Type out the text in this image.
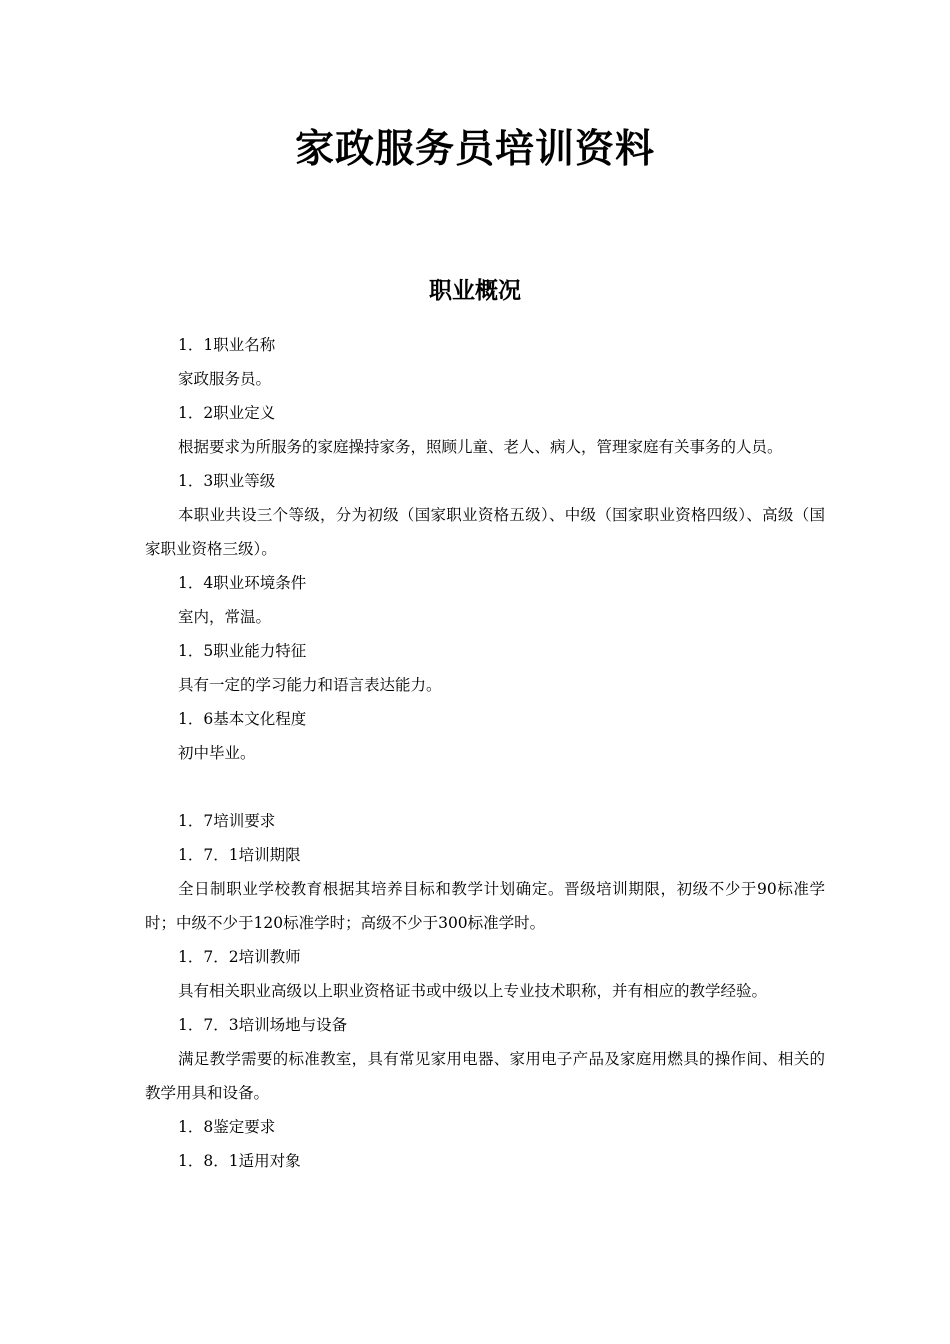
家政服务员培训资料
职业概况

1．1职业名称

家政服务员。

1．2职业定义

根据要求为所服务的家庭操持家务，照顾儿童、老人、病人，管理家庭有关事务的人员。

1．3职业等级

本职业共设三个等级，分为初级（国家职业资格五级）、中级（国家职业资格四级）、高级（国家职业资格三级）。

1．4职业环境条件

室内，常温。

1．5职业能力特征

具有一定的学习能力和语言表达能力。

1．6基本文化程度

初中毕业。

1．7培训要求

1．7．1培训期限

全日制职业学校教育根据其培养目标和教学计划确定。晋级培训期限，初级不少于90标准学时；中级不少于120标准学时；高级不少于300标准学时。

1．7．2培训教师

具有相关职业高级以上职业资格证书或中级以上专业技术职称，并有相应的教学经验。

1．7．3培训场地与设备

满足教学需要的标准教室，具有常见家用电器、家用电子产品及家庭用燃具的操作间、相关的教学用具和设备。

1．8鉴定要求

1．8．1适用对象
